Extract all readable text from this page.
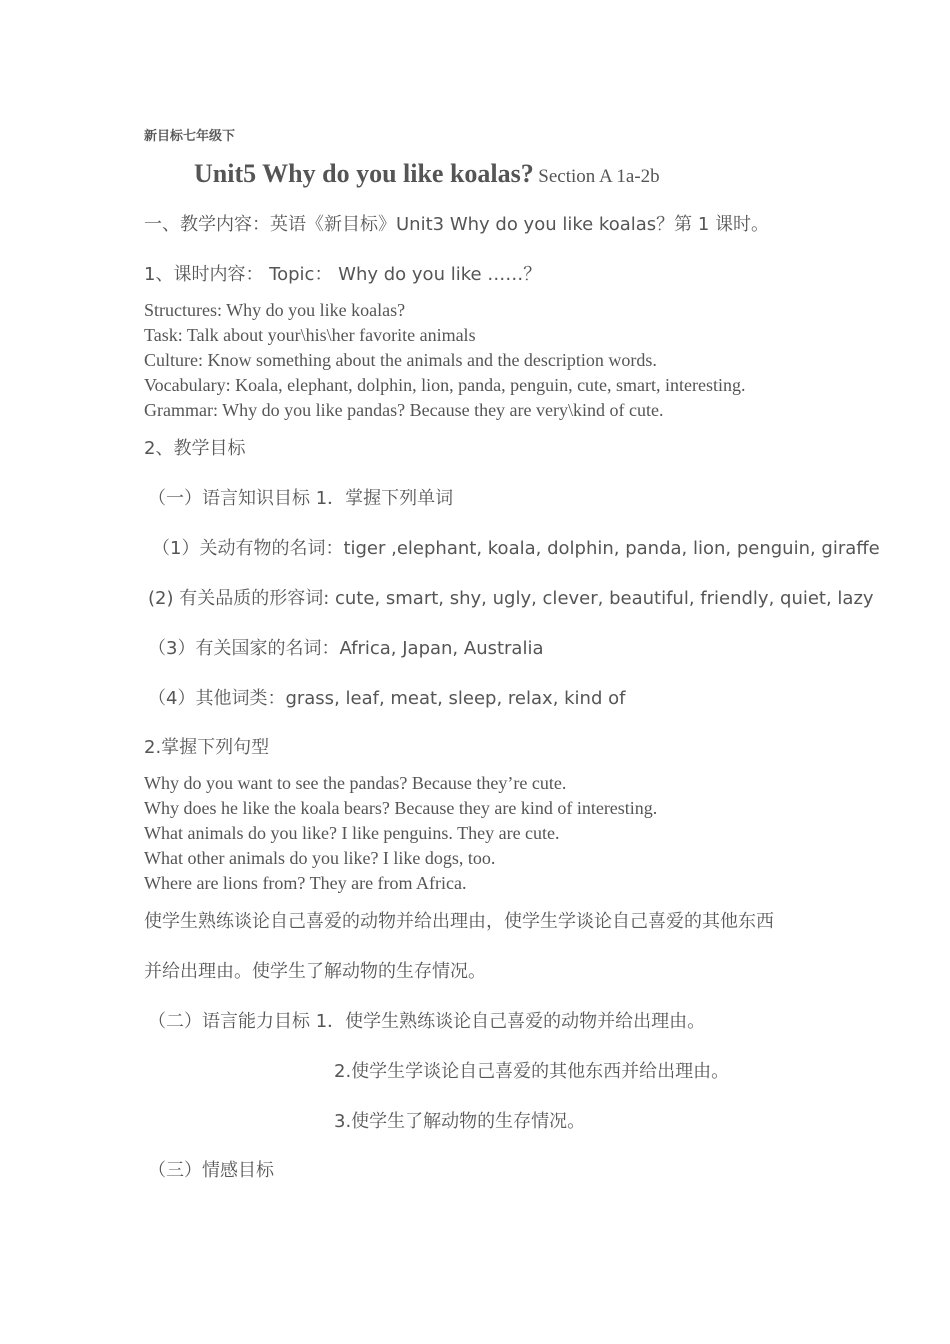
新目标七年级下
Unit5 Why do you like koalas? Section A 1a-2b
一、教学内容：英语《新目标》Unit3 Why do you like koalas？第 1 课时。
1、课时内容： Topic： Why do you like ……？
Structures: Why do you like koalas?
Task: Talk about your\his\her favorite animals
Culture: Know something about the animals and the description words.
Vocabulary: Koala, elephant, dolphin, lion, panda, penguin, cute, smart, interesting.
Grammar: Why do you like pandas? Because they are very\kind of cute.
2、教学目标
（一）语言知识目标 1．掌握下列单词
（1）关动有物的名词：tiger ,elephant, koala, dolphin, panda, lion, penguin, giraffe
(2) 有关品质的形容词: cute, smart, shy, ugly, clever, beautiful, friendly, quiet, lazy
（3）有关国家的名词：Africa, Japan, Australia
（4）其他词类：grass, leaf, meat, sleep, relax, kind of
2.掌握下列句型
Why do you want to see the pandas? Because they’re cute.
Why does he like the koala bears? Because they are kind of interesting.
What animals do you like? I like penguins. They are cute.
What other animals do you like? I like dogs, too.
Where are lions from? They are from Africa.
使学生熟练谈论自己喜爱的动物并给出理由，使学生学谈论自己喜爱的其他东西
并给出理由。使学生了解动物的生存情况。
（二）语言能力目标 1．使学生熟练谈论自己喜爱的动物并给出理由。
2.使学生学谈论自己喜爱的其他东西并给出理由。
3.使学生了解动物的生存情况。
（三）情感目标
